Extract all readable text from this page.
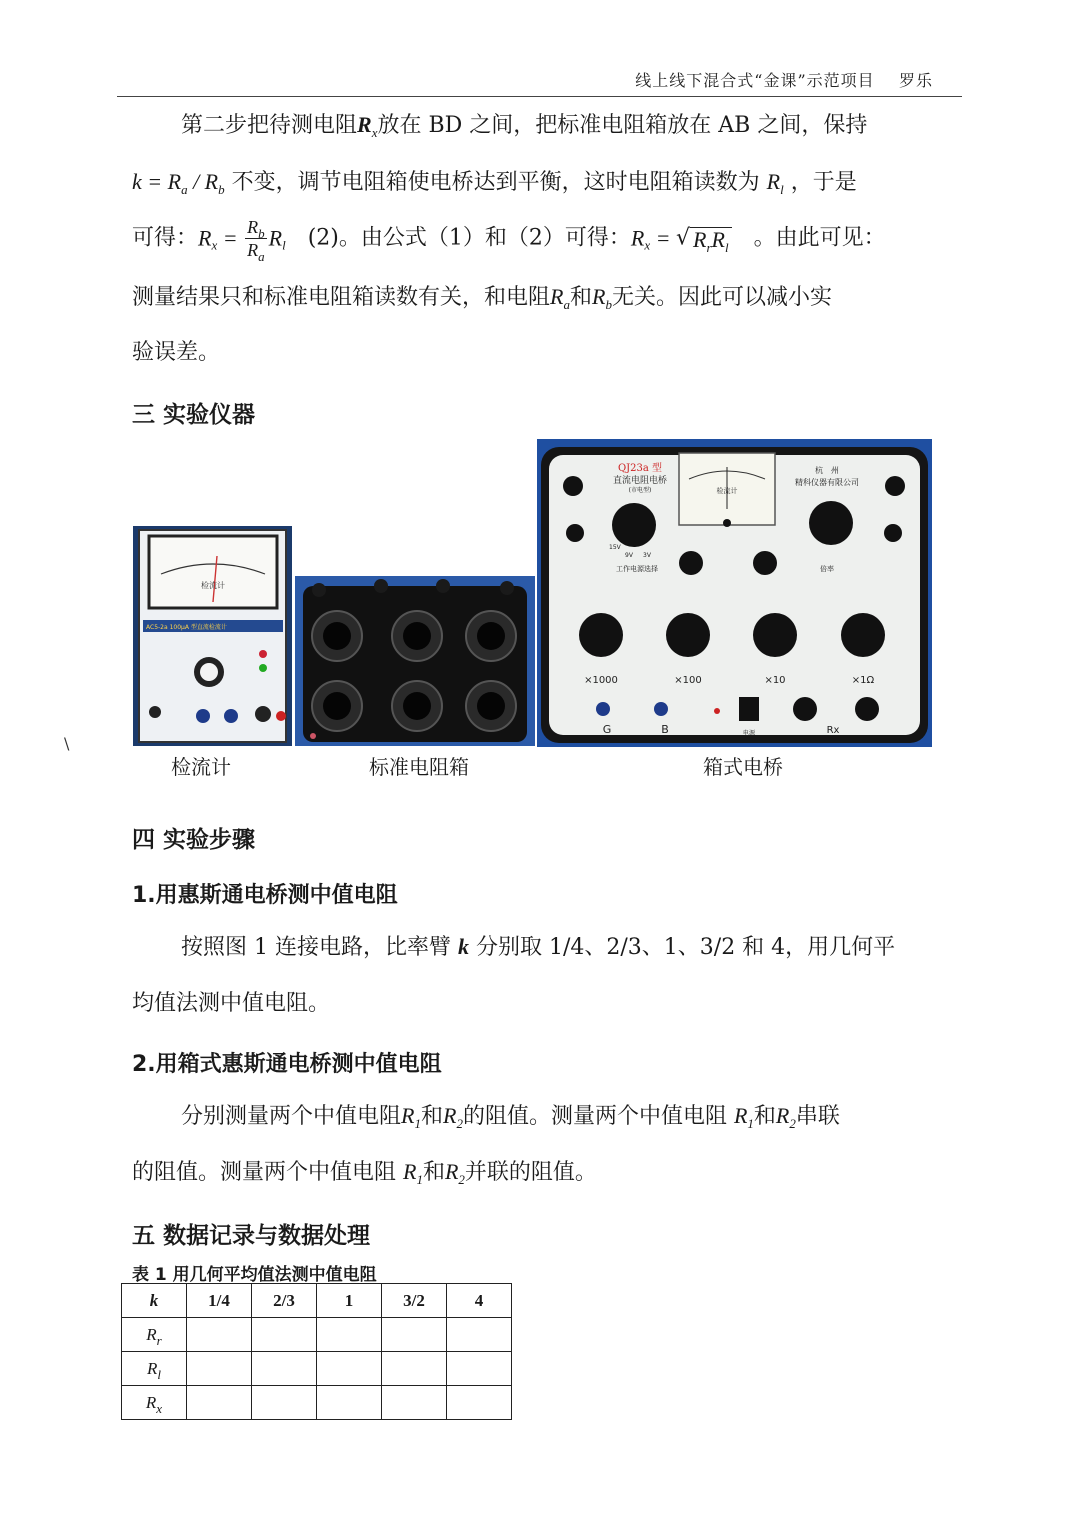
线上线下混合式“金课”示范项目 罗乐
第二步把待测电阻$R_x$放在 BD 之间，把标准电阻箱放在 AB 之间，保持
$k = R_a / R_b$ 不变，调节电阻箱使电桥达到平衡，这时电阻箱读数为 $R_l$ ，于是
可得：$R_x = \frac{R_b}{R_a} R_l$　(2)。由公式（1）和（2）可得：$R_x$ = √ $R_rR_l$　。由此可见：
测量结果只和标准电阻箱读数有关，和电阻$R_a$和$R_b$无关。因此可以减小实
验误差。
三 实验仪器
检流计
AC5-2a 100μA 型直流检流计
QJ23a 型
直流电阻电桥
(市电型)
杭　州
精科仪器有限公司
检流计
15V
9V 3V
工作电源选择	倍率
×1000	×100	×10	×1Ω
G	B	电源	Rx
\
检流计	标准电阻箱	箱式电桥
四 实验步骤
1.用惠斯通电桥测中值电阻
按照图 1 连接电路，比率臂 k 分别取 1/4、2/3、1、3/2 和 4，用几何平
均值法测中值电阻。
2.用箱式惠斯通电桥测中值电阻
分别测量两个中值电阻$R_1$和$R_2$的阻值。测量两个中值电阻 $R_1$和$R_2$串联
的阻值。测量两个中值电阻 $R_1$和$R_2$并联的阻值。
五 数据记录与数据处理
表 1 用几何平均值法测中值电阻
k	1/4	2/3	1	3/2	4
$R_r$					
$R_l$					
$R_x$					
